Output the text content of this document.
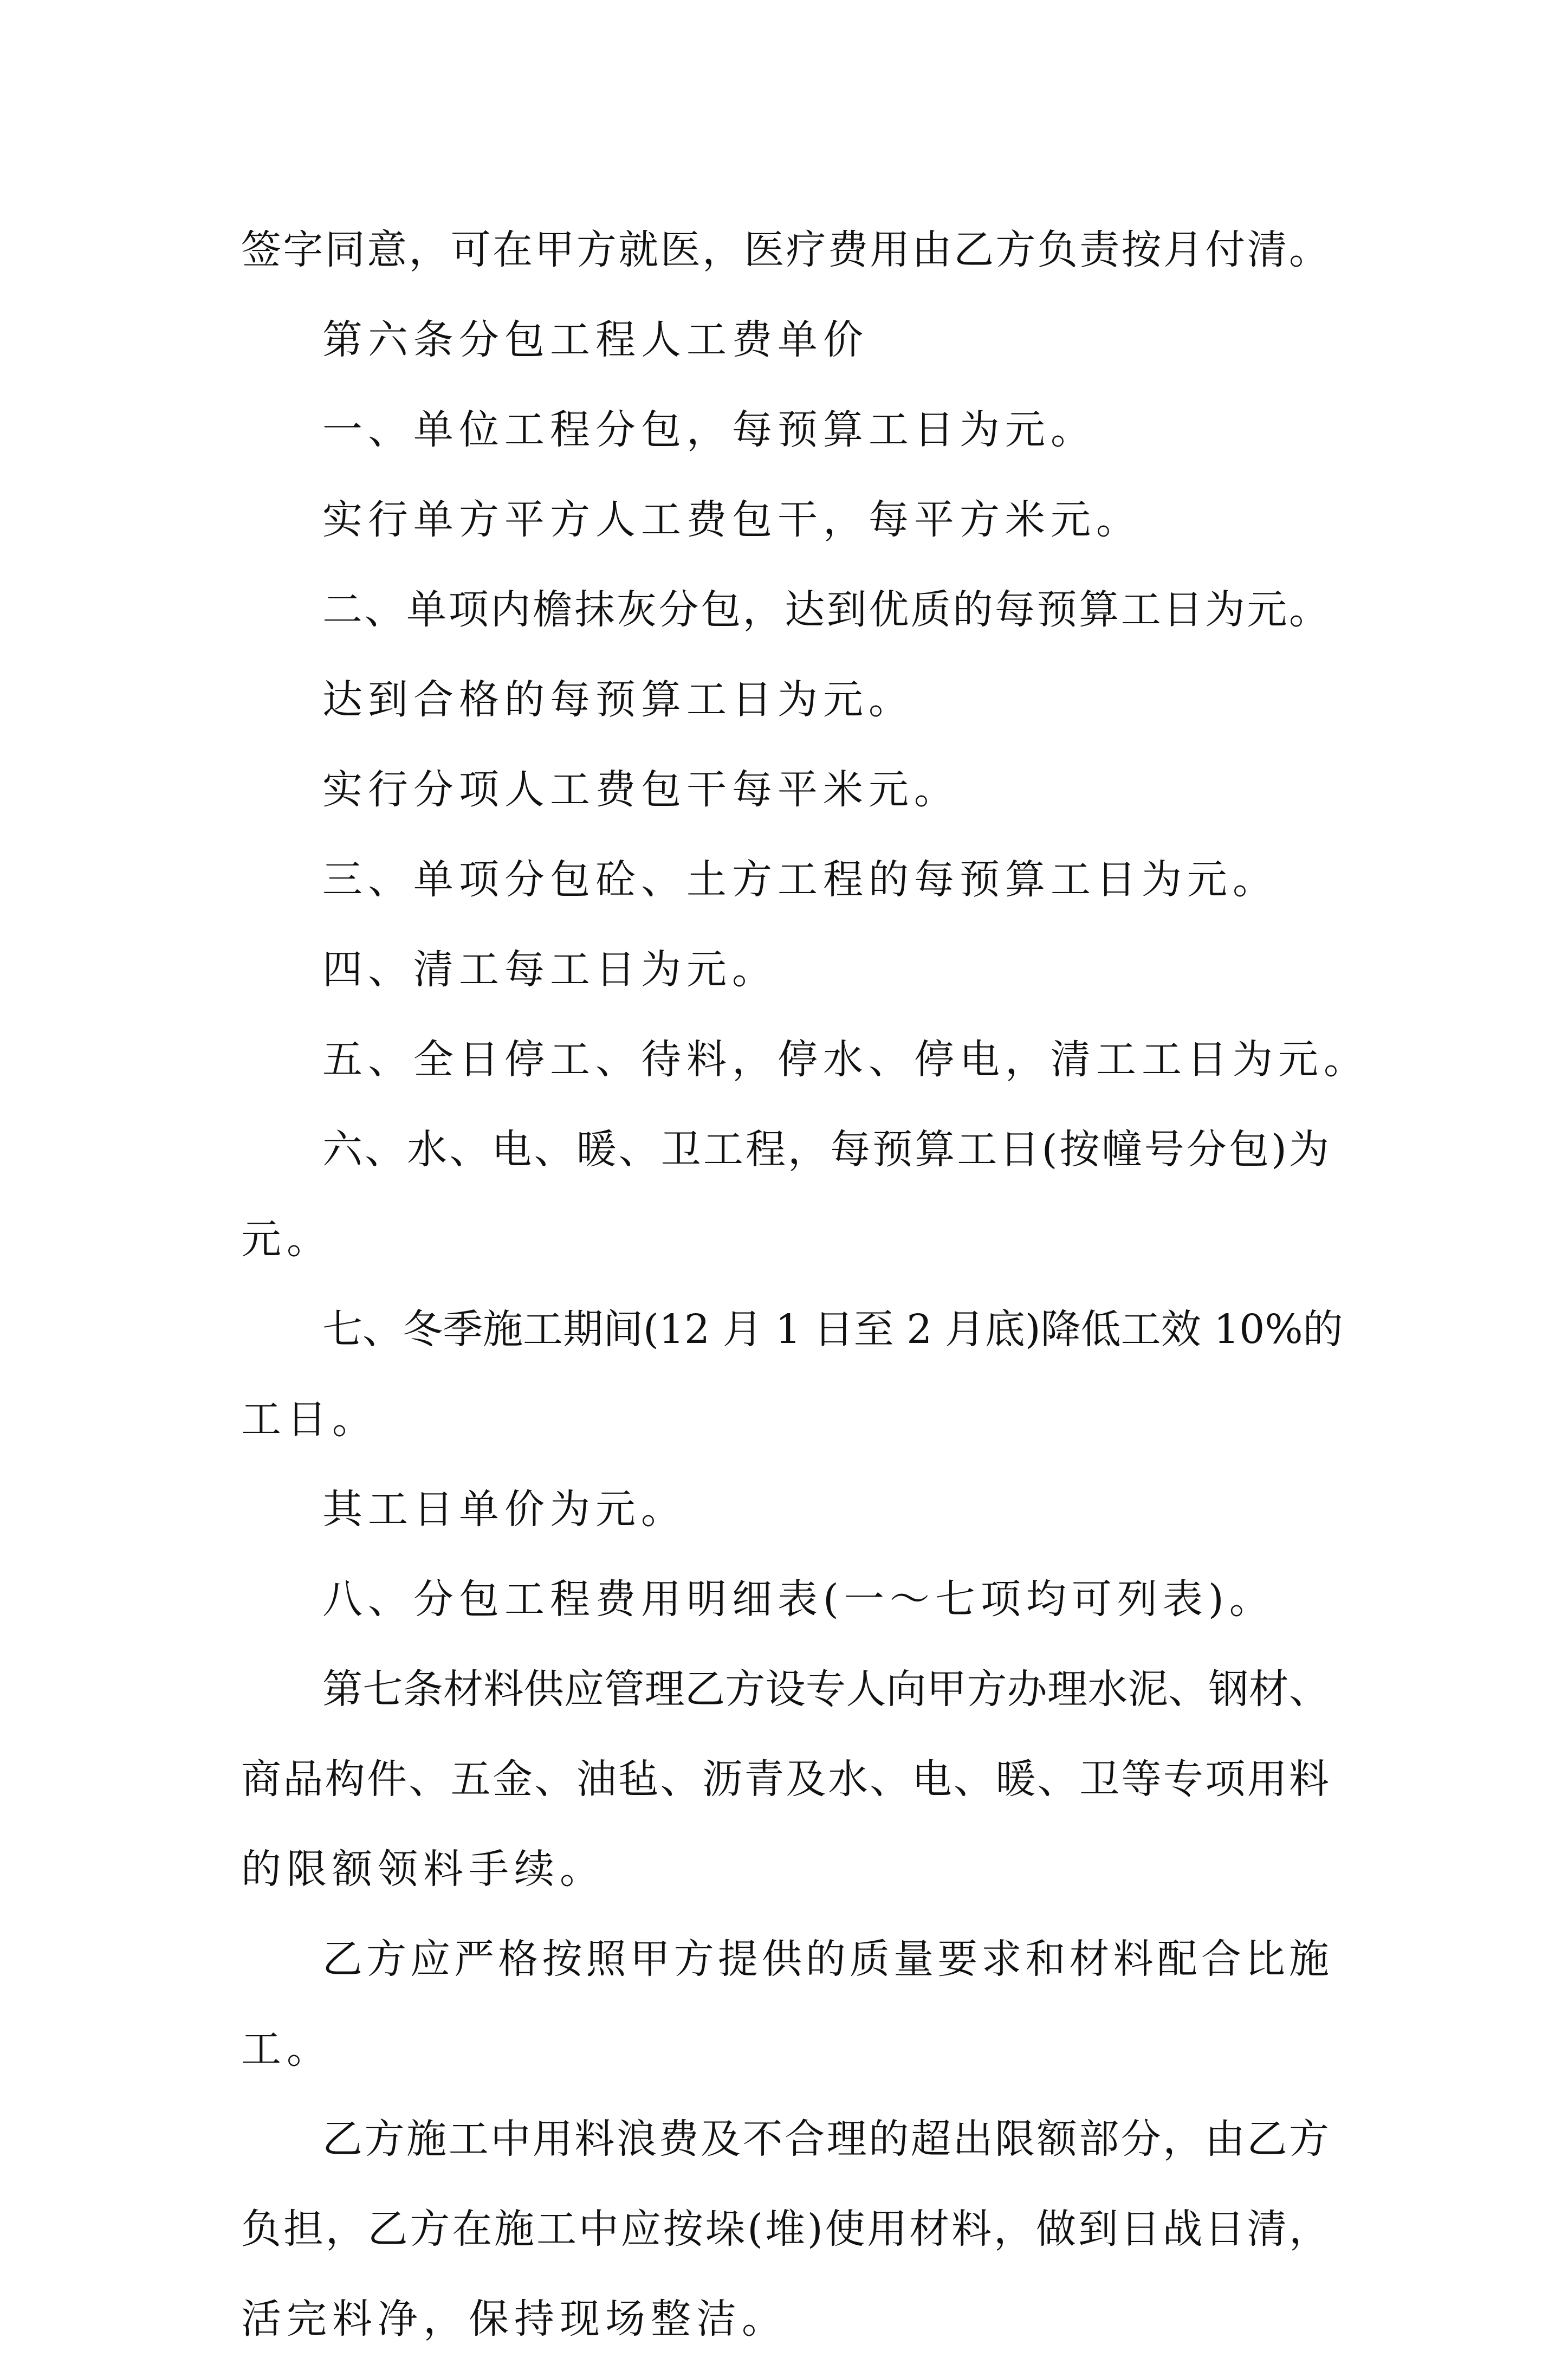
签字同意，可在甲方就医，医疗费用由乙方负责按月付清。
第六条分包工程人工费单价
一、单位工程分包，每预算工日为元。
实行单方平方人工费包干，每平方米元。
二、单项内檐抹灰分包，达到优质的每预算工日为元。
达到合格的每预算工日为元。
实行分项人工费包干每平米元。
三、单项分包砼、土方工程的每预算工日为元。
四、清工每工日为元。
五、全日停工、待料，停水、停电，清工工日为元。
六、水、电、暖、卫工程，每预算工日(按幢号分包)为
元。
七、冬季施工期间(12 月 1 日至 2 月底)降低工效 10%的
工日。
其工日单价为元。
八、分包工程费用明细表(一～七项均可列表)。
第七条材料供应管理乙方设专人向甲方办理水泥、钢材、
商品构件、五金、油毡、沥青及水、电、暖、卫等专项用料
的限额领料手续。
乙方应严格按照甲方提供的质量要求和材料配合比施
工。
乙方施工中用料浪费及不合理的超出限额部分，由乙方
负担，乙方在施工中应按垛(堆)使用材料，做到日战日清，
活完料净，保持现场整洁。
